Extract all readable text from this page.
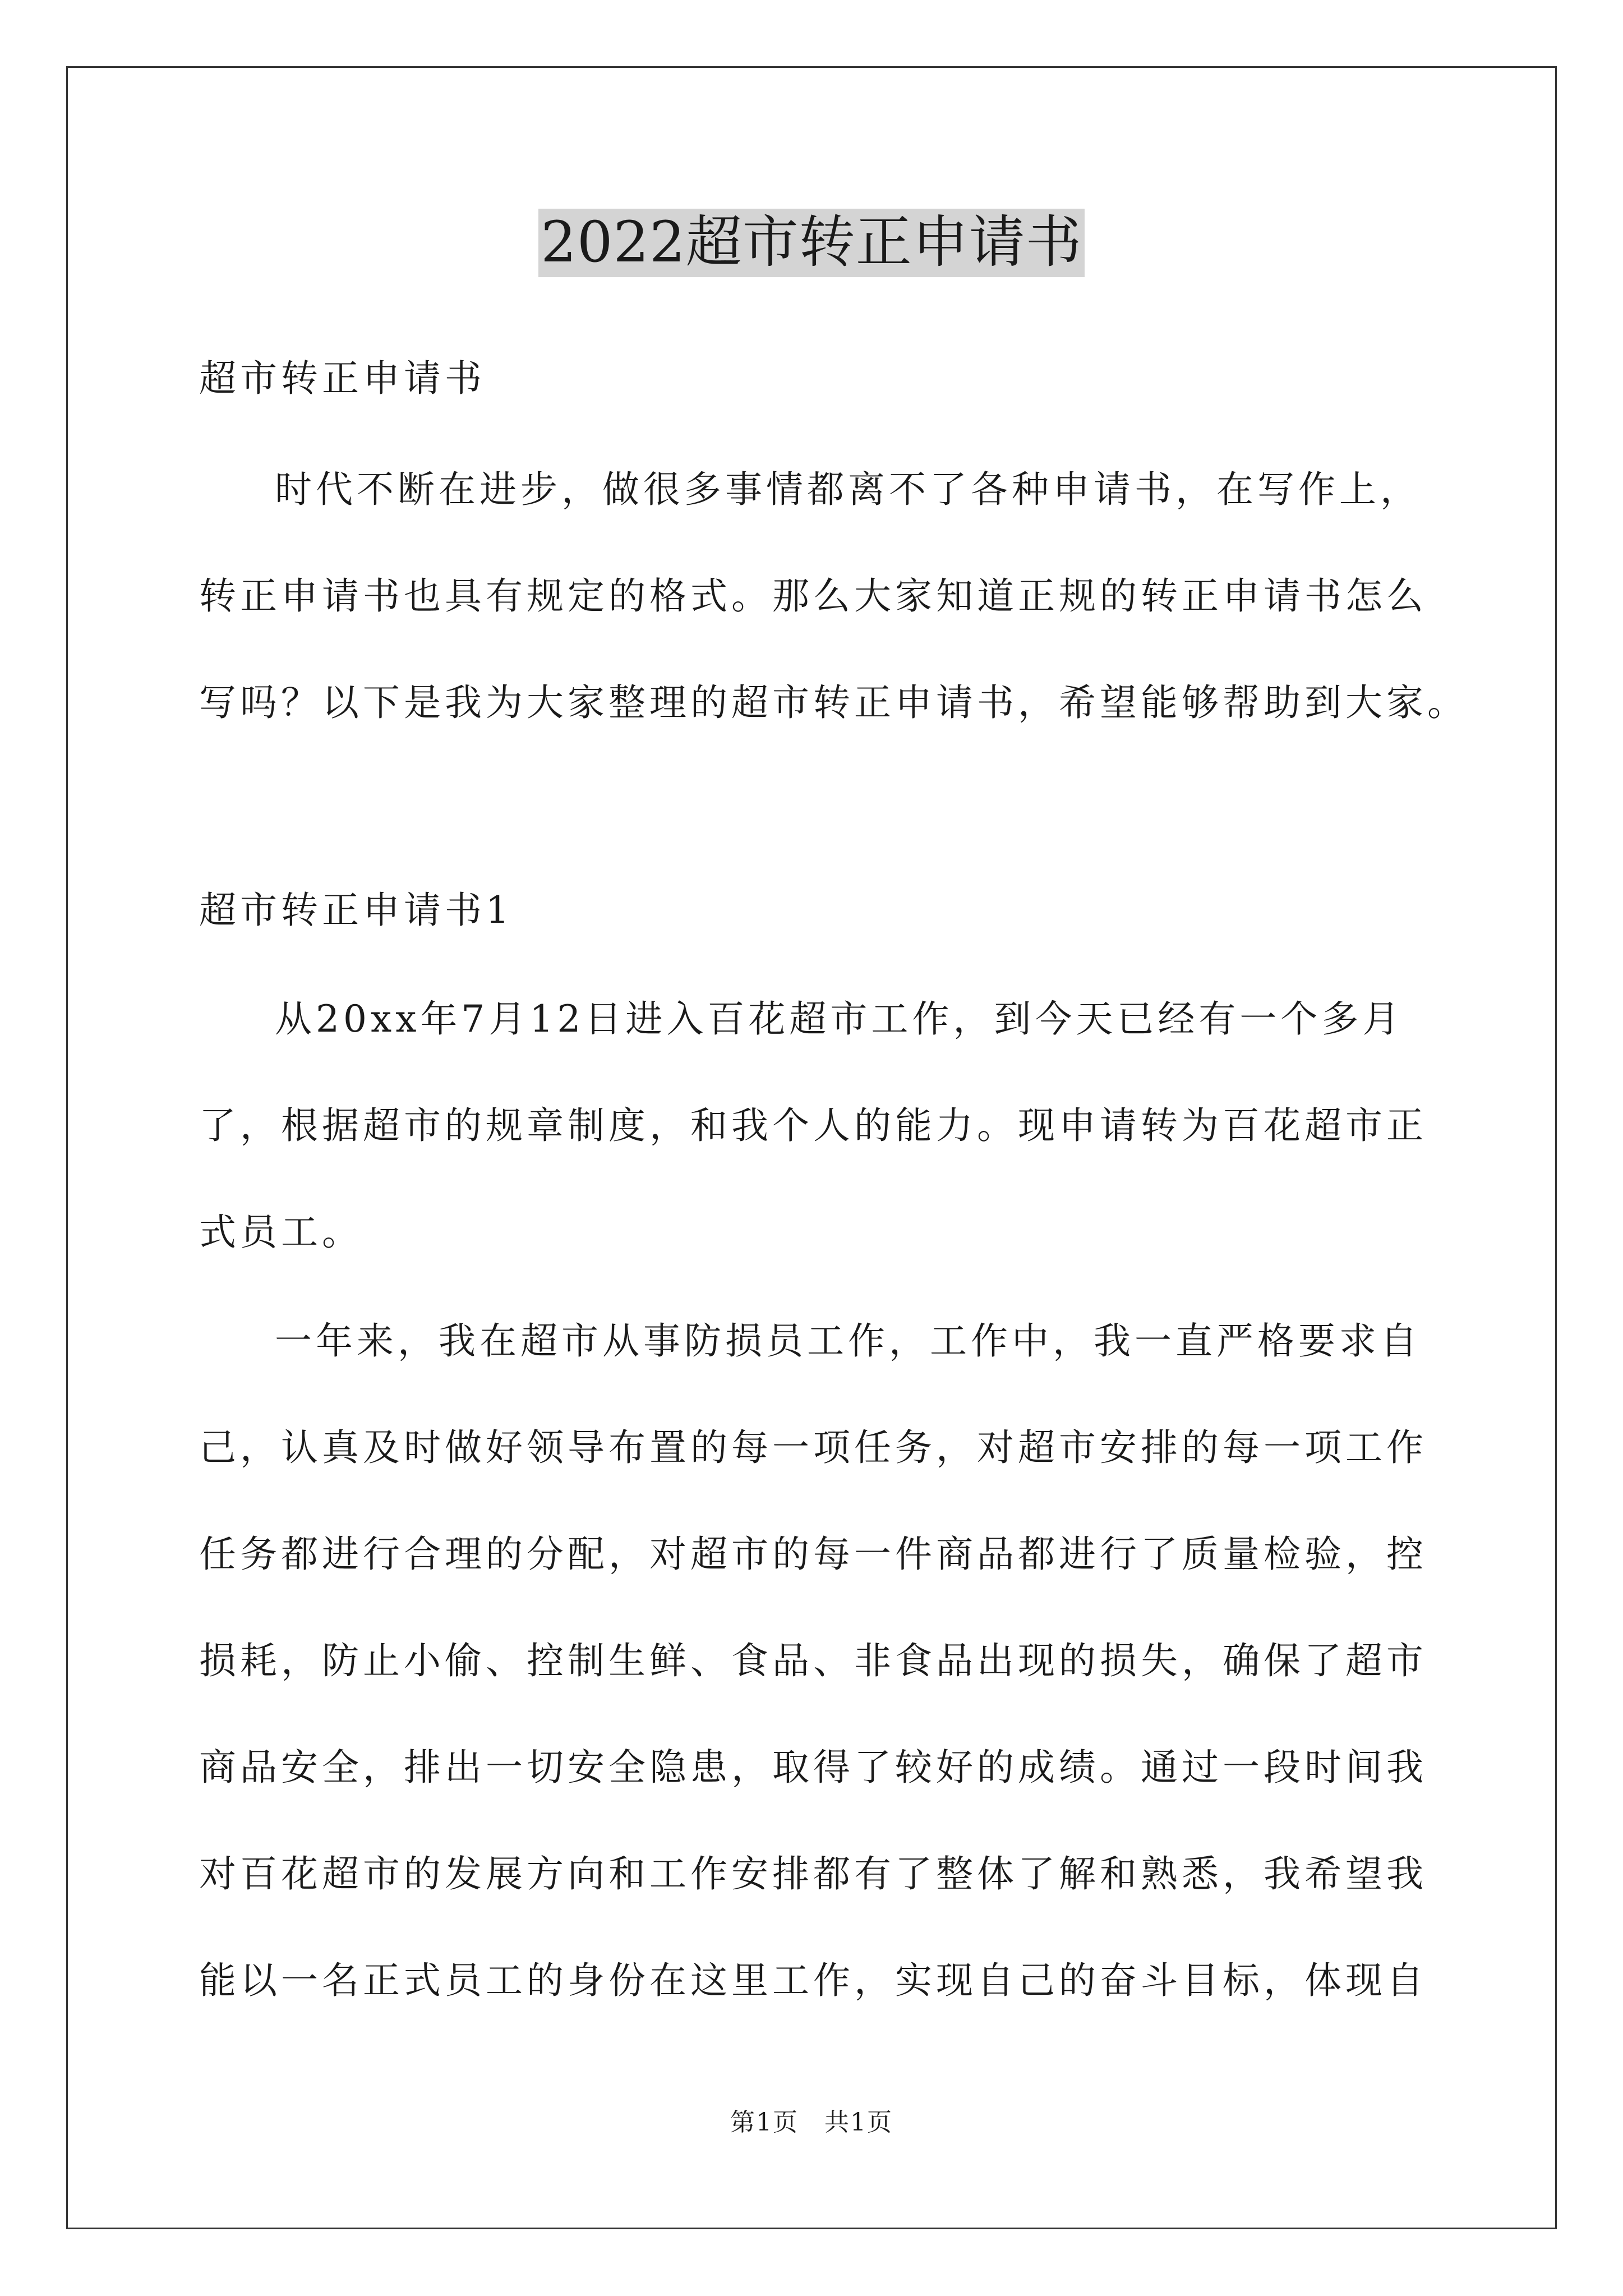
2022超市转正申请书
超市转正申请书
时代不断在进步，做很多事情都离不了各种申请书，在写作上，
转正申请书也具有规定的格式。那么大家知道正规的转正申请书怎么
写吗？以下是我为大家整理的超市转正申请书，希望能够帮助到大家。
超市转正申请书1
从20xx年7月12日进入百花超市工作，到今天已经有一个多月
了，根据超市的规章制度，和我个人的能力。现申请转为百花超市正
式员工。
一年来，我在超市从事防损员工作，工作中，我一直严格要求自
己，认真及时做好领导布置的每一项任务，对超市安排的每一项工作
任务都进行合理的分配，对超市的每一件商品都进行了质量检验，控
损耗，防止小偷、控制生鲜、食品、非食品出现的损失，确保了超市
商品安全，排出一切安全隐患，取得了较好的成绩。通过一段时间我
对百花超市的发展方向和工作安排都有了整体了解和熟悉，我希望我
能以一名正式员工的身份在这里工作，实现自己的奋斗目标，体现自
第1页　共1页
